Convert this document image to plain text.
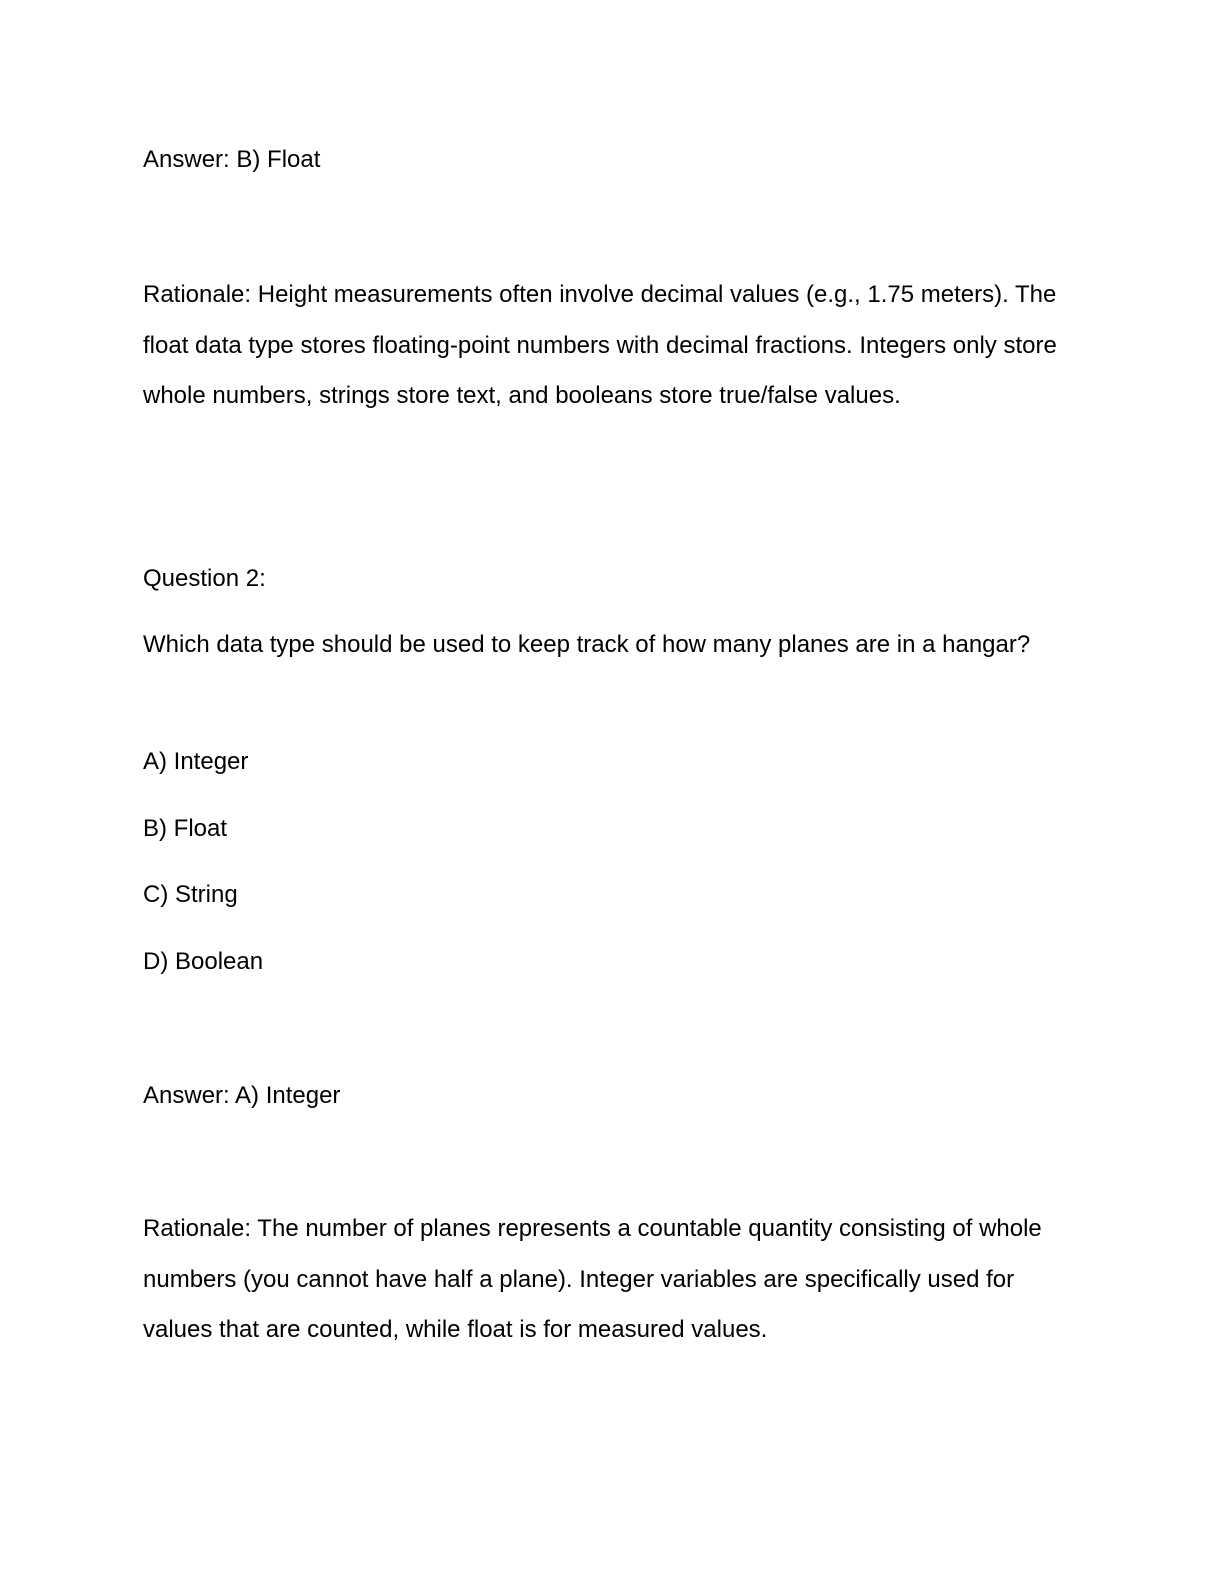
Answer: B) Float

Rationale: Height measurements often involve decimal values (e.g., 1.75 meters). The float data type stores floating-point numbers with decimal fractions. Integers only store whole numbers, strings store text, and booleans store true/false values.

Question 2:

Which data type should be used to keep track of how many planes are in a hangar?

A) Integer

B) Float

C) String

D) Boolean

Answer: A) Integer

Rationale: The number of planes represents a countable quantity consisting of whole numbers (you cannot have half a plane). Integer variables are specifically used for values that are counted, while float is for measured values.
